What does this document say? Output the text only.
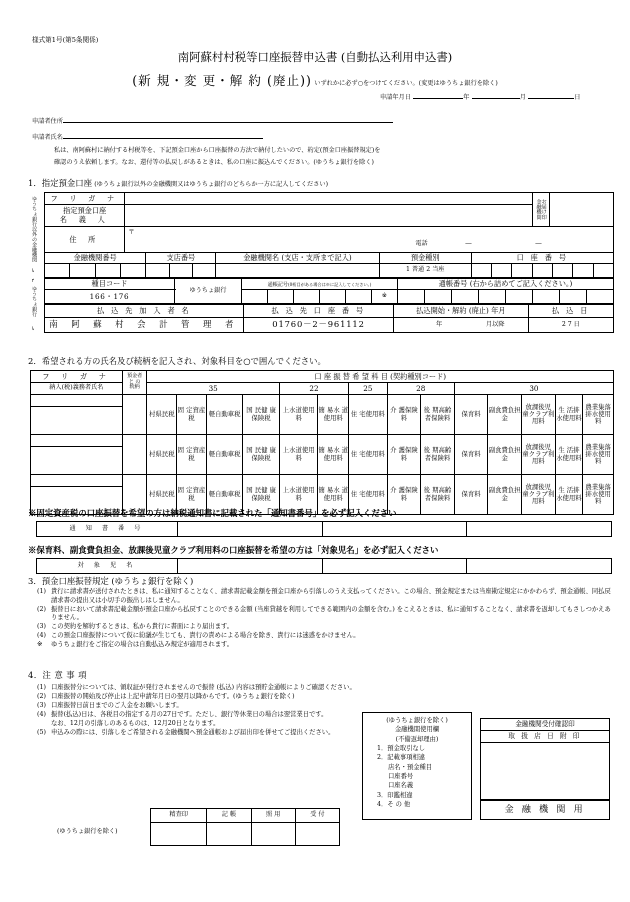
様式第1号(第5条関係)
南阿蘇村村税等口座振替申込書 (自動払込利用申込書)
(新 規・変 更・解 約 (廃止)) いずれかに必ず○をつけてください。(変更はゆうちょ銀行を除く)
申請年月日	年	月	日
申請者住所
申請者氏名
私は、南阿蘇村に納付する村税等を、下記預金口座から口座振替の方法で納付したいので、約定(預金口座振替規定)を
確認のうえ依頼します。なお、還付等の払戻しがあるときは、私の口座に振込んでください。(ゆうちょ銀行を除く)
1．指定預金口座 (ゆうちょ銀行以外の金融機関又はゆうちょ銀行のどちらか一方に記入してください)
ゆうちょ銀行以外の金融機関
↳
↱
ゆうちょ銀行
↳
フ リ ガ ナ		金融機関 お届け印	

指定預金口座
名 義 人			

住 所	〒
電話 ― ―		
金融機関番号				支店番号			金融機関名 (支店・支所まで記入)	預金種別	口 座 番 号						
								1 普通 2 当座							
種目コード	ゆうちょ銀行	通帳記号(0桁目がある場合は※に記入してください。)						通帳番号 (右から詰めてご記入ください。)							
166・176							※								
払 込 先 加 入 者 名	払 込 先 口 座 番 号	払込開始・解約 (廃止) 年月	払 込 日
南 阿 蘇 村 会 計 管 理 者	01760－2－961112	年 月以降	2 7 日
2．希望される方の氏名及び続柄を記入され、対象科目を○で囲んでください。
フ リ ガ ナ	預金者
と の
続柄	口 座 振 替 希 望 科 目 (契約種別コード)													
納入(税)義務者氏名		35				22		25	28		30				
		村県民税	固 定資産税	軽自動車税	国 民健 康保険税	上水道使用料	簡 易水 道使用料	住 宅使用料	介 護保険料	後 期高齢者保険料	保育料	副食費負担金	放課後児 童クラブ利用料	生 活排 水使用料	農業集落排水使用料

		村県民税	固 定資産税	軽自動車税	国 民健 康保険税	上水道使用料	簡 易水 道使用料	住 宅使用料	介 護保険料	後 期高齢者保険料	保育料	副食費負担金	放課後児 童クラブ利用料	生 活排 水使用料	農業集落排水使用料

		村県民税	固 定資産税	軽自動車税	国 民健 康保険税	上水道使用料	簡 易水 道使用料	住 宅使用料	介 護保険料	後 期高齢者保険料	保育料	副食費負担金	放課後児 童クラブ利用料	生 活排 水使用料	農業集落排水使用料

※固定資産税の口座振替を希望の方は納税通知書に記載された「通知書番号」を必ず記入ください
通 知 書 番 号			
※保育料、副食費負担金、放課後児童クラブ利用料の口座振替を希望の方は「対象児名」を必ず記入ください
対 象 児 名			
3．預金口座振替規定 (ゆうちょ銀行を除く)
(1) 貴行に請求書が送付されたときは、私に通知することなく、請求書記載金額を預金口座から引落しのうえ支払ってください。この場合、預金規定または当座勘定規定にかかわらず、預金通帳、同払戻請求書の提出又は小切手の振出しはしません。
(2) 振替日において請求書記載金額が預金口座から払戻すことのできる金額 (当座貸越を利用してできる範囲内の金額を含む。) をこえるときは、私に通知することなく、請求書を返却してもさしつかえありません。
(3) この契約を解約するときは、私から貴行に書面により届出ます。
(4) この預金口座振替について仮に紛議が生じても、貴行の責めによる場合を除き、貴行には迷惑をかけません。
※	ゆうちょ銀行をご指定の場合は自動払込み規定が適用されます。
4．注 意 事 項
(1) 口座振替分については、領収証が発行されませんので振替 (払込) 内容は預貯金通帳によりご確認ください。
(2) 口座振替の開始及び停止は上記申請年月日の翌月以降からです。(ゆうちょ銀行を除く)
(3) 口座振替日前日までのご入金をお願いします。
(4) 振替(払込)日は、各税目の指定する月の27日です。ただし、銀行等休業日の場合は翌営業日です。
なお、12月の引落しのあるものは、12月20日となります。
(5) 申込みの際には、引落しをご希望される金融機関へ預金通帳および届出印を併せてご提出ください。
(ゆうちょ銀行を除く)
金融機関使用欄
(不備返却理由)
1．預金取引なし
2．記載事項相違
店名・預金種目
口座番号
口座名義
3．印鑑相違
4．そ の 他
金融機関受付確認印
取 扱 店 日 附 印

金 融 機 関 用
(ゆうちょ銀行を除く)
精査印	記 帳	照 用	受 付
